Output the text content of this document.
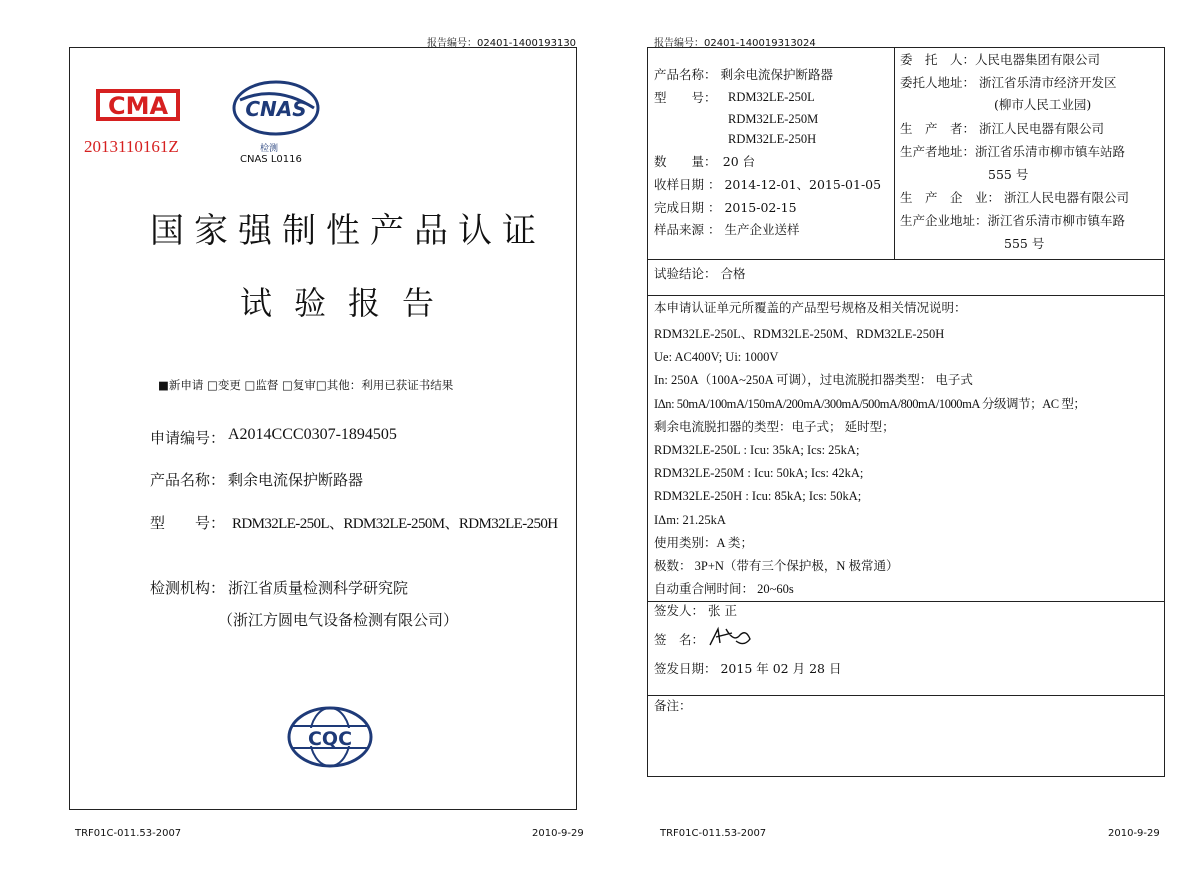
报告编号：02401-1400193130
CMA
2013110161Z
CNAS
检测
CNAS L0116
国家强制性产品认证
试验报告
■新申请 □变更 □监督 □复审□其他：利用已获证书结果
申请编号： A2014CCC0307-1894505
产品名称： 剩余电流保护断路器
型　　号： RDM32LE-250L、RDM32LE-250M、RDM32LE-250H
检测机构： 浙江省质量检测科学研究院
（浙江方圆电气设备检测有限公司）
CQC
TRF01C-011.53-2007	2010-9-29
报告编号：02401-140019313024
产品名称： 剩余电流保护断路器
型　　号： RDM32LE-250L
RDM32LE-250M
RDM32LE-250H
数　　量：　20 台
收样日期 ： 2014-12-01、2015-01-05
完成日期 ： 2015-02-15
样品来源 ： 生产企业送样
委　托　人：人民电器集团有限公司
委托人地址： 浙江省乐清市经济开发区
(柳市人民工业园)
生　产　者： 浙江人民电器有限公司
生产者地址：浙江省乐清市柳市镇车站路
555 号
生　产　企　业： 浙江人民电器有限公司
生产企业地址：浙江省乐清市柳市镇车路
555 号
试验结论： 合格
本申请认证单元所覆盖的产品型号规格及相关情况说明：
RDM32LE-250L、RDM32LE-250M、RDM32LE-250H
Ue: AC400V; Ui: 1000V
In: 250A（100A~250A 可调），过电流脱扣器类型： 电子式
IΔn: 50mA/100mA/150mA/200mA/300mA/500mA/800mA/1000mA 分级调节；AC 型；
剩余电流脱扣器的类型：电子式； 延时型；
RDM32LE-250L : Icu: 35kA; Ics: 25kA;
RDM32LE-250M : Icu: 50kA; Ics: 42kA;
RDM32LE-250H : Icu: 85kA; Ics: 50kA;
IΔm: 21.25kA
使用类别：A 类；
极数： 3P+N（带有三个保护极，N 极常通）
自动重合闸时间： 20~60s
签发人： 张 正
签　名：
签发日期： 2015 年 02 月 28 日
备注：
TRF01C-011.53-2007	2010-9-29
